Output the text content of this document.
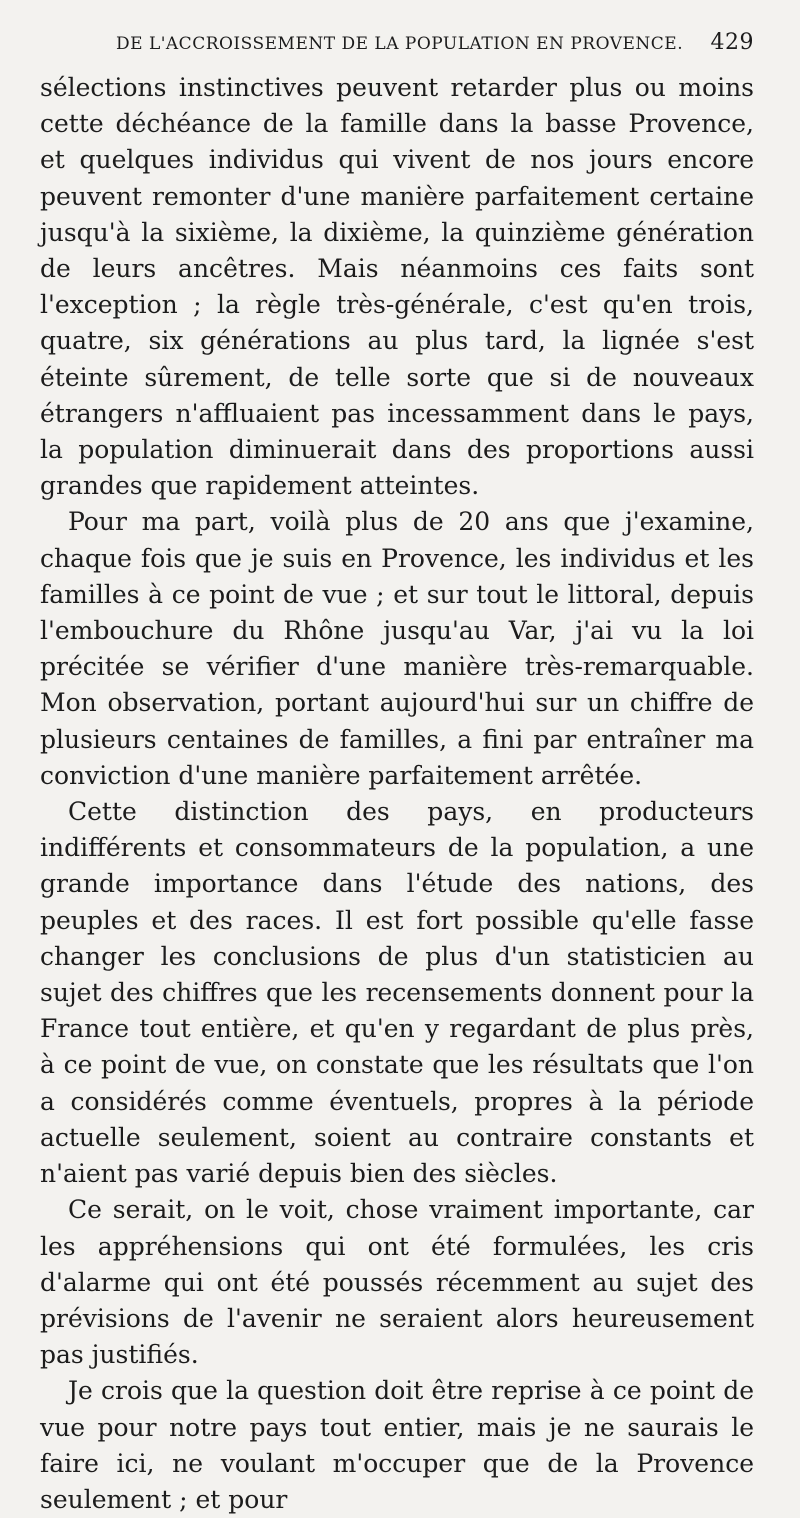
DE L'ACCROISSEMENT DE LA POPULATION EN PROVENCE. 429

sélections instinctives peuvent retarder plus ou moins cette déchéance de la famille dans la basse Provence, et quelques individus qui vivent de nos jours encore peuvent remonter d'une manière parfaitement certaine jusqu'à la sixième, la dixième, la quinzième génération de leurs ancêtres. Mais néanmoins ces faits sont l'exception ; la règle très-générale, c'est qu'en trois, quatre, six générations au plus tard, la lignée s'est éteinte sûrement, de telle sorte que si de nouveaux étrangers n'affluaient pas incessamment dans le pays, la population diminuerait dans des proportions aussi grandes que rapidement atteintes.

Pour ma part, voilà plus de 20 ans que j'examine, chaque fois que je suis en Provence, les individus et les familles à ce point de vue ; et sur tout le littoral, depuis l'embouchure du Rhône jusqu'au Var, j'ai vu la loi précitée se vérifier d'une manière très-remarquable. Mon observation, portant aujourd'hui sur un chiffre de plusieurs centaines de familles, a fini par entraîner ma conviction d'une manière parfaitement arrêtée.

Cette distinction des pays, en producteurs indifférents et consommateurs de la population, a une grande importance dans l'étude des nations, des peuples et des races. Il est fort possible qu'elle fasse changer les conclusions de plus d'un statisticien au sujet des chiffres que les recensements donnent pour la France tout entière, et qu'en y regardant de plus près, à ce point de vue, on constate que les résultats que l'on a considérés comme éventuels, propres à la période actuelle seulement, soient au contraire constants et n'aient pas varié depuis bien des siècles.

Ce serait, on le voit, chose vraiment importante, car les appréhensions qui ont été formulées, les cris d'alarme qui ont été poussés récemment au sujet des prévisions de l'avenir ne seraient alors heureusement pas justifiés.

Je crois que la question doit être reprise à ce point de vue pour notre pays tout entier, mais je ne saurais le faire ici, ne voulant m'occuper que de la Provence seulement ; et pour
